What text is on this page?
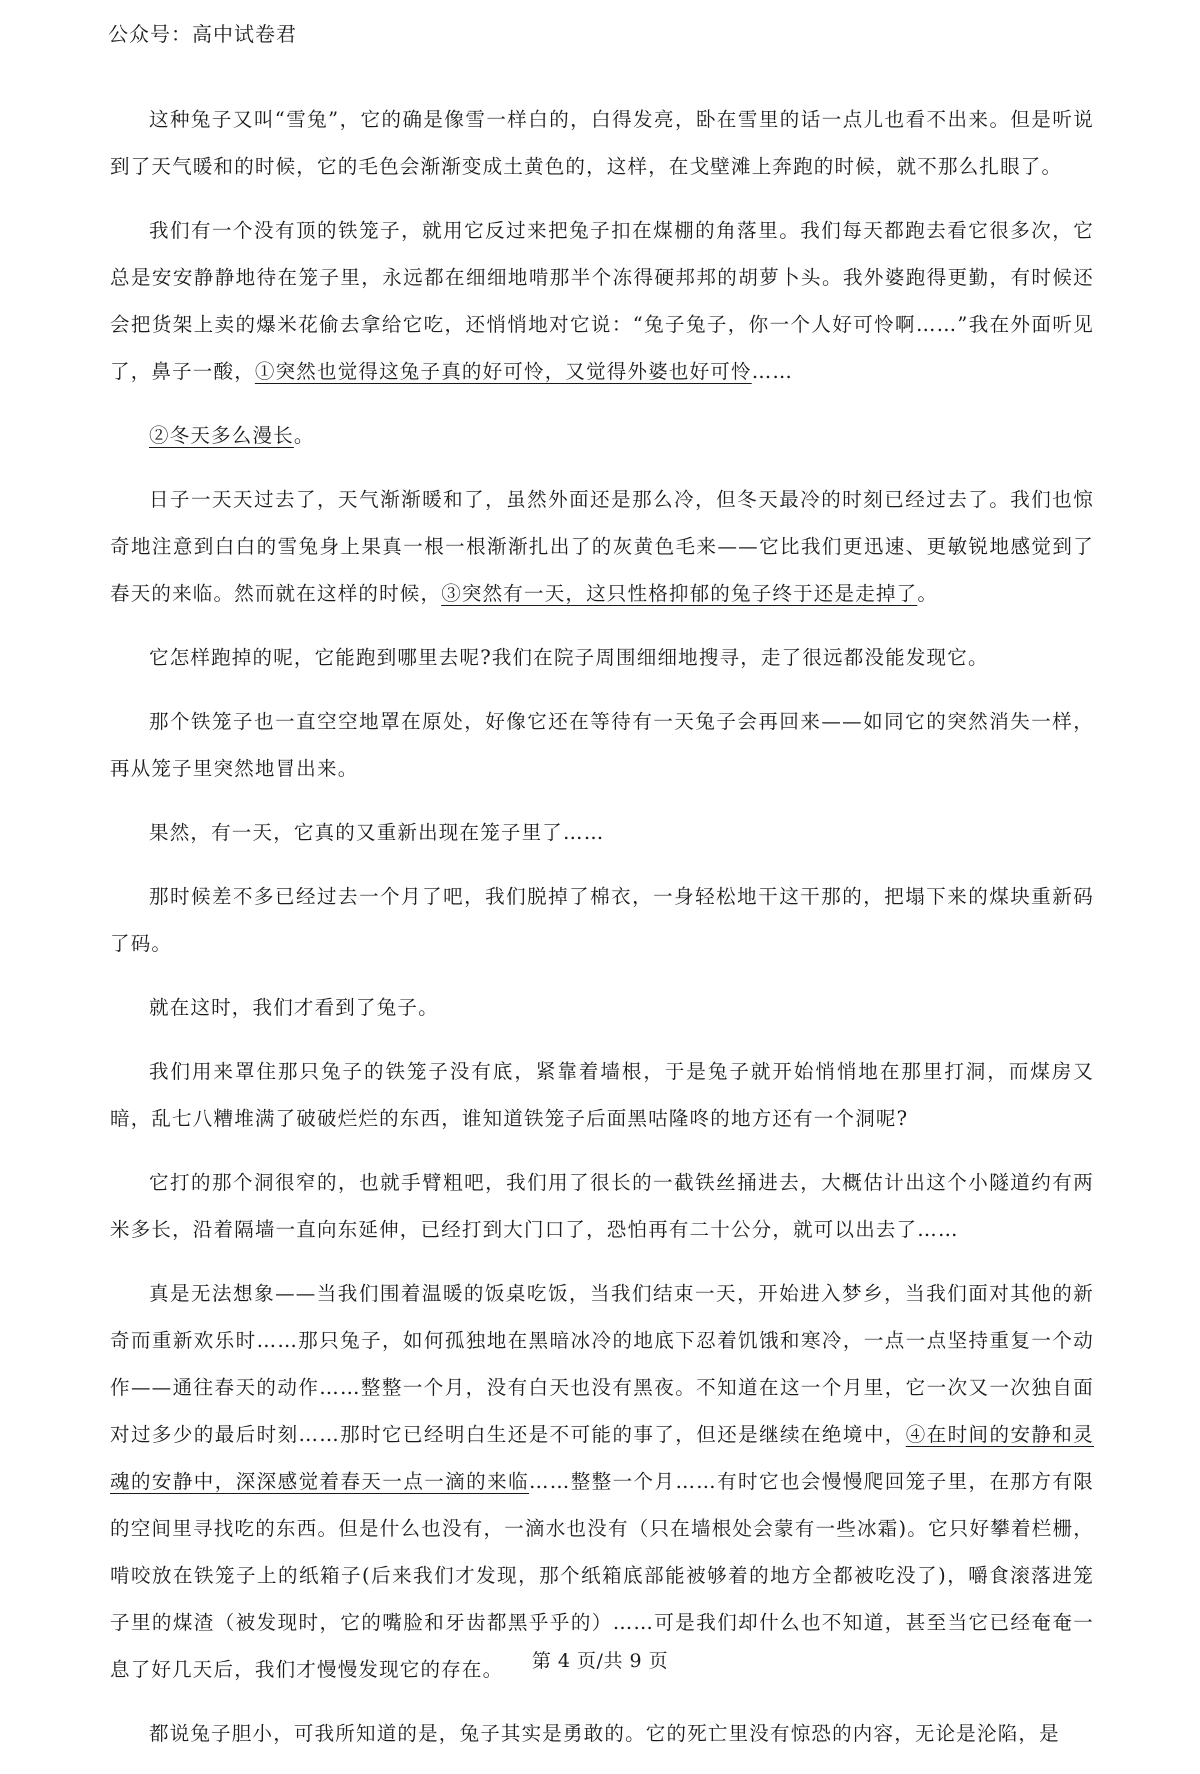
公众号：高中试卷君

这种兔子又叫“雪兔”，它的确是像雪一样白的，白得发亮，卧在雪里的话一点儿也看不出来。但是听说到了天气暖和的时候，它的毛色会渐渐变成土黄色的，这样，在戈壁滩上奔跑的时候，就不那么扎眼了。

我们有一个没有顶的铁笼子，就用它反过来把兔子扣在煤棚的角落里。我们每天都跑去看它很多次，它总是安安静静地待在笼子里，永远都在细细地啃那半个冻得硬邦邦的胡萝卜头。我外婆跑得更勤，有时候还会把货架上卖的爆米花偷去拿给它吃，还悄悄地对它说：“兔子兔子，你一个人好可怜啊……”我在外面听见了，鼻子一酸，①突然也觉得这兔子真的好可怜，又觉得外婆也好可怜……

②冬天多么漫长。

日子一天天过去了，天气渐渐暖和了，虽然外面还是那么冷，但冬天最冷的时刻已经过去了。我们也惊奇地注意到白白的雪兔身上果真一根一根渐渐扎出了的灰黄色毛来——它比我们更迅速、更敏锐地感觉到了春天的来临。然而就在这样的时候，③突然有一天，这只性格抑郁的兔子终于还是走掉了。

它怎样跑掉的呢，它能跑到哪里去呢?我们在院子周围细细地搜寻，走了很远都没能发现它。

那个铁笼子也一直空空地罩在原处，好像它还在等待有一天兔子会再回来——如同它的突然消失一样，再从笼子里突然地冒出来。

果然，有一天，它真的又重新出现在笼子里了……

那时候差不多已经过去一个月了吧，我们脱掉了棉衣，一身轻松地干这干那的，把塌下来的煤块重新码了码。

就在这时，我们才看到了兔子。

我们用来罩住那只兔子的铁笼子没有底，紧靠着墙根，于是兔子就开始悄悄地在那里打洞，而煤房又暗，乱七八糟堆满了破破烂烂的东西，谁知道铁笼子后面黑咕隆咚的地方还有一个洞呢?

它打的那个洞很窄的，也就手臂粗吧，我们用了很长的一截铁丝捅进去，大概估计出这个小隧道约有两米多长，沿着隔墙一直向东延伸，已经打到大门口了，恐怕再有二十公分，就可以出去了……

真是无法想象——当我们围着温暖的饭桌吃饭，当我们结束一天，开始进入梦乡，当我们面对其他的新奇而重新欢乐时……那只兔子，如何孤独地在黑暗冰冷的地底下忍着饥饿和寒冷，一点一点坚持重复一个动作——通往春天的动作……整整一个月，没有白天也没有黑夜。不知道在这一个月里，它一次又一次独自面对过多少的最后时刻……那时它已经明白生还是不可能的事了，但还是继续在绝境中，④在时间的安静和灵魂的安静中，深深感觉着春天一点一滴的来临……整整一个月……有时它也会慢慢爬回笼子里，在那方有限的空间里寻找吃的东西。但是什么也没有，一滴水也没有（只在墙根处会蒙有一些冰霜)。它只好攀着栏栅，啃咬放在铁笼子上的纸箱子(后来我们才发现，那个纸箱底部能被够着的地方全都被吃没了)，嚼食滚落进笼子里的煤渣（被发现时，它的嘴脸和牙齿都黑乎乎的）……可是我们却什么也不知道，甚至当它已经奄奄一息了好几天后，我们才慢慢发现它的存在。

都说兔子胆小，可我所知道的是，兔子其实是勇敢的。它的死亡里没有惊恐的内容，无论是沦陷，是

第 4 页/共 9 页
